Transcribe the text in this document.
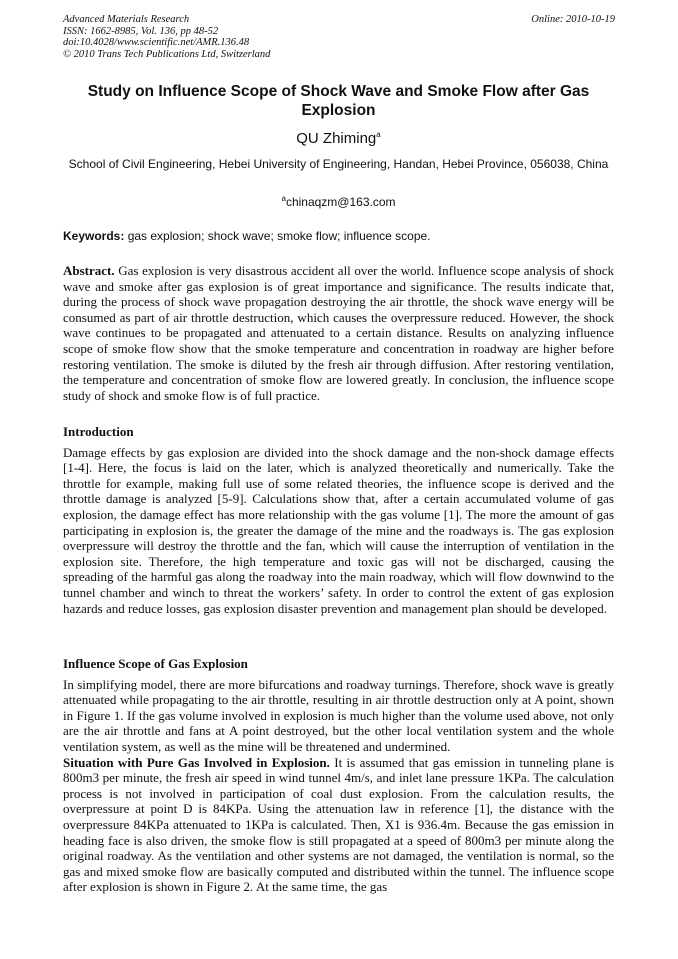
Advanced Materials Research
ISSN: 1662-8985, Vol. 136, pp 48-52
doi:10.4028/www.scientific.net/AMR.136.48
© 2010 Trans Tech Publications Ltd, Switzerland
Online: 2010-10-19
Study on Influence Scope of Shock Wave and Smoke Flow after Gas Explosion
QU Zhiming$^a$
School of Civil Engineering, Hebei University of Engineering, Handan, Hebei Province, 056038, China
$^a$chinaqzm@163.com
Keywords: gas explosion; shock wave; smoke flow; influence scope.

Abstract. Gas explosion is very disastrous accident all over the world. Influence scope analysis of shock wave and smoke after gas explosion is of great importance and significance. The results indicate that, during the process of shock wave propagation destroying the air throttle, the shock wave energy will be consumed as part of air throttle destruction, which causes the overpressure reduced. However, the shock wave continues to be propagated and attenuated to a certain distance. Results on analyzing influence scope of smoke flow show that the smoke temperature and concentration in roadway are higher before restoring ventilation. The smoke is diluted by the fresh air through diffusion. After restoring ventilation, the temperature and concentration of smoke flow are lowered greatly. In conclusion, the influence scope study of shock and smoke flow is of full practice.

Introduction

Damage effects by gas explosion are divided into the shock damage and the non-shock damage effects [1-4]. Here, the focus is laid on the later, which is analyzed theoretically and numerically. Take the throttle for example, making full use of some related theories, the influence scope is derived and the throttle damage is analyzed [5-9]. Calculations show that, after a certain accumulated volume of gas explosion, the damage effect has more relationship with the gas volume [1]. The more the amount of gas participating in explosion is, the greater the damage of the mine and the roadways is. The gas explosion overpressure will destroy the throttle and the fan, which will cause the interruption of ventilation in the explosion site. Therefore, the high temperature and toxic gas will not be discharged, causing the spreading of the harmful gas along the roadway into the main roadway, which will flow downwind to the tunnel chamber and winch to threat the workers’ safety. In order to control the extent of gas explosion hazards and reduce losses, gas explosion disaster prevention and management plan should be developed.

Influence Scope of Gas Explosion

In simplifying model, there are more bifurcations and roadway turnings. Therefore, shock wave is greatly attenuated while propagating to the air throttle, resulting in air throttle destruction only at A point, shown in Figure 1. If the gas volume involved in explosion is much higher than the volume used above, not only are the air throttle and fans at A point destroyed, but the other local ventilation system and the whole ventilation system, as well as the mine will be threatened and undermined.

Situation with Pure Gas Involved in Explosion. It is assumed that gas emission in tunneling plane is 800m3 per minute, the fresh air speed in wind tunnel 4m/s, and inlet lane pressure 1KPa. The calculation process is not involved in participation of coal dust explosion. From the calculation results, the overpressure at point D is 84KPa. Using the attenuation law in reference [1], the distance with the overpressure 84KPa attenuated to 1KPa is calculated. Then, X1 is 936.4m. Because the gas emission in heading face is also driven, the smoke flow is still propagated at a speed of 800m3 per minute along the original roadway. As the ventilation and other systems are not damaged, the ventilation is normal, so the gas and mixed smoke flow are basically computed and distributed within the tunnel. The influence scope after explosion is shown in Figure 2. At the same time, the gas
